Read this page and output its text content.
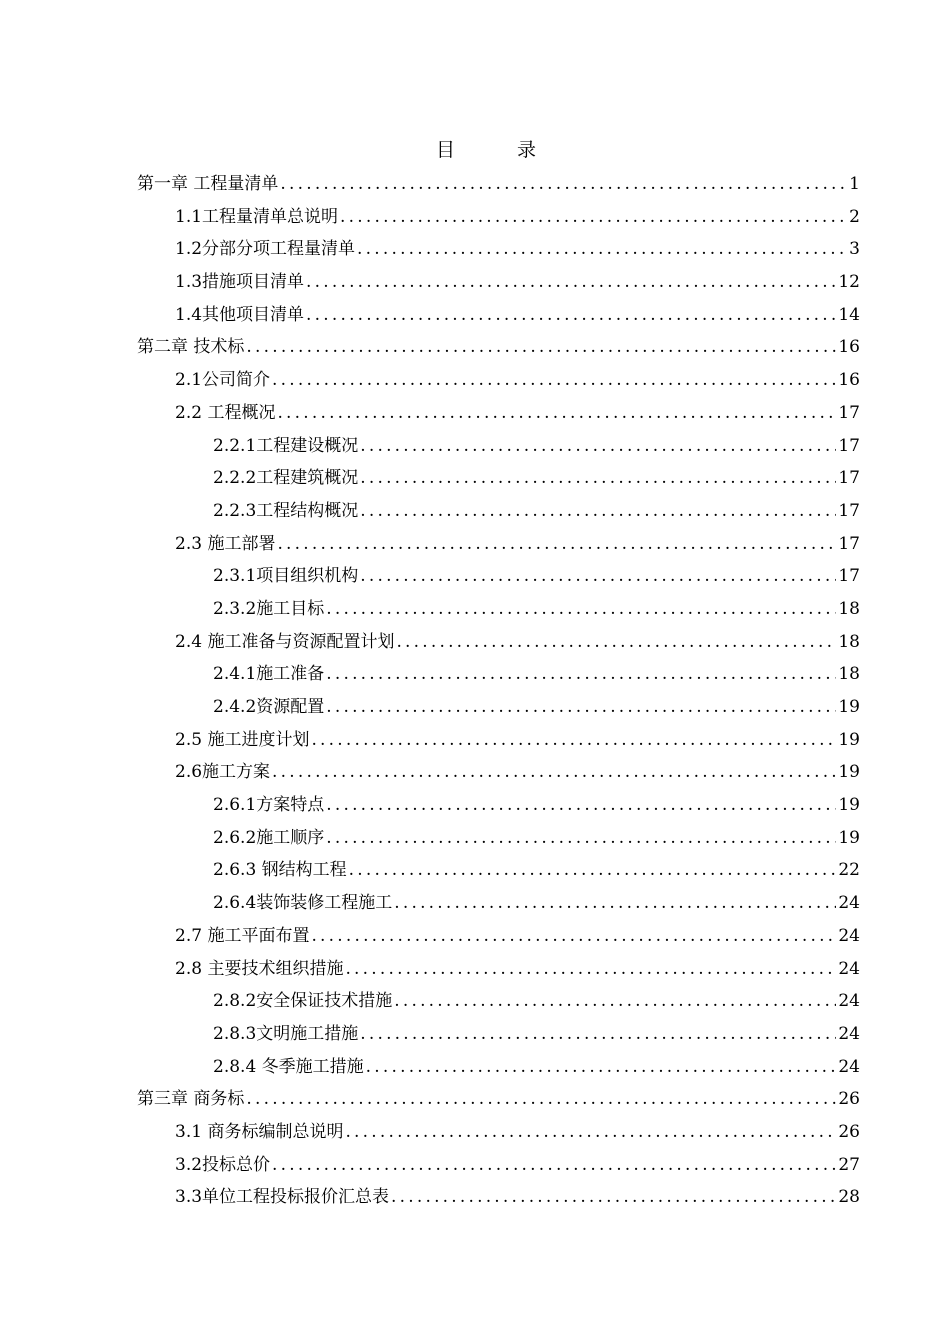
目 录
第一章 工程量清单 .....	1
1.1工程量清单总说明 .....	2
1.2分部分项工程量清单 .....	3
1.3措施项目清单 .....	12
1.4其他项目清单 .....	14
第二章 技术标 .....	16
2.1公司简介 .....	16
2.2 工程概况 .....	17
2.2.1工程建设概况 .....	17
2.2.2工程建筑概况 .....	17
2.2.3工程结构概况 .....	17
2.3 施工部署 .....	17
2.3.1项目组织机构 .....	17
2.3.2施工目标 .....	18
2.4 施工准备与资源配置计划 .....	18
2.4.1施工准备 .....	18
2.4.2资源配置 .....	19
2.5 施工进度计划 .....	19
2.6施工方案 .....	19
2.6.1方案特点 .....	19
2.6.2施工顺序 .....	19
2.6.3 钢结构工程 .....	22
2.6.4装饰装修工程施工 .....	24
2.7 施工平面布置 .....	24
2.8 主要技术组织措施 .....	24
2.8.2安全保证技术措施 .....	24
2.8.3文明施工措施 .....	24
2.8.4 冬季施工措施 .....	24
第三章 商务标 .....	26
3.1 商务标编制总说明 .....	26
3.2投标总价 .....	27
3.3单位工程投标报价汇总表 .....	28
